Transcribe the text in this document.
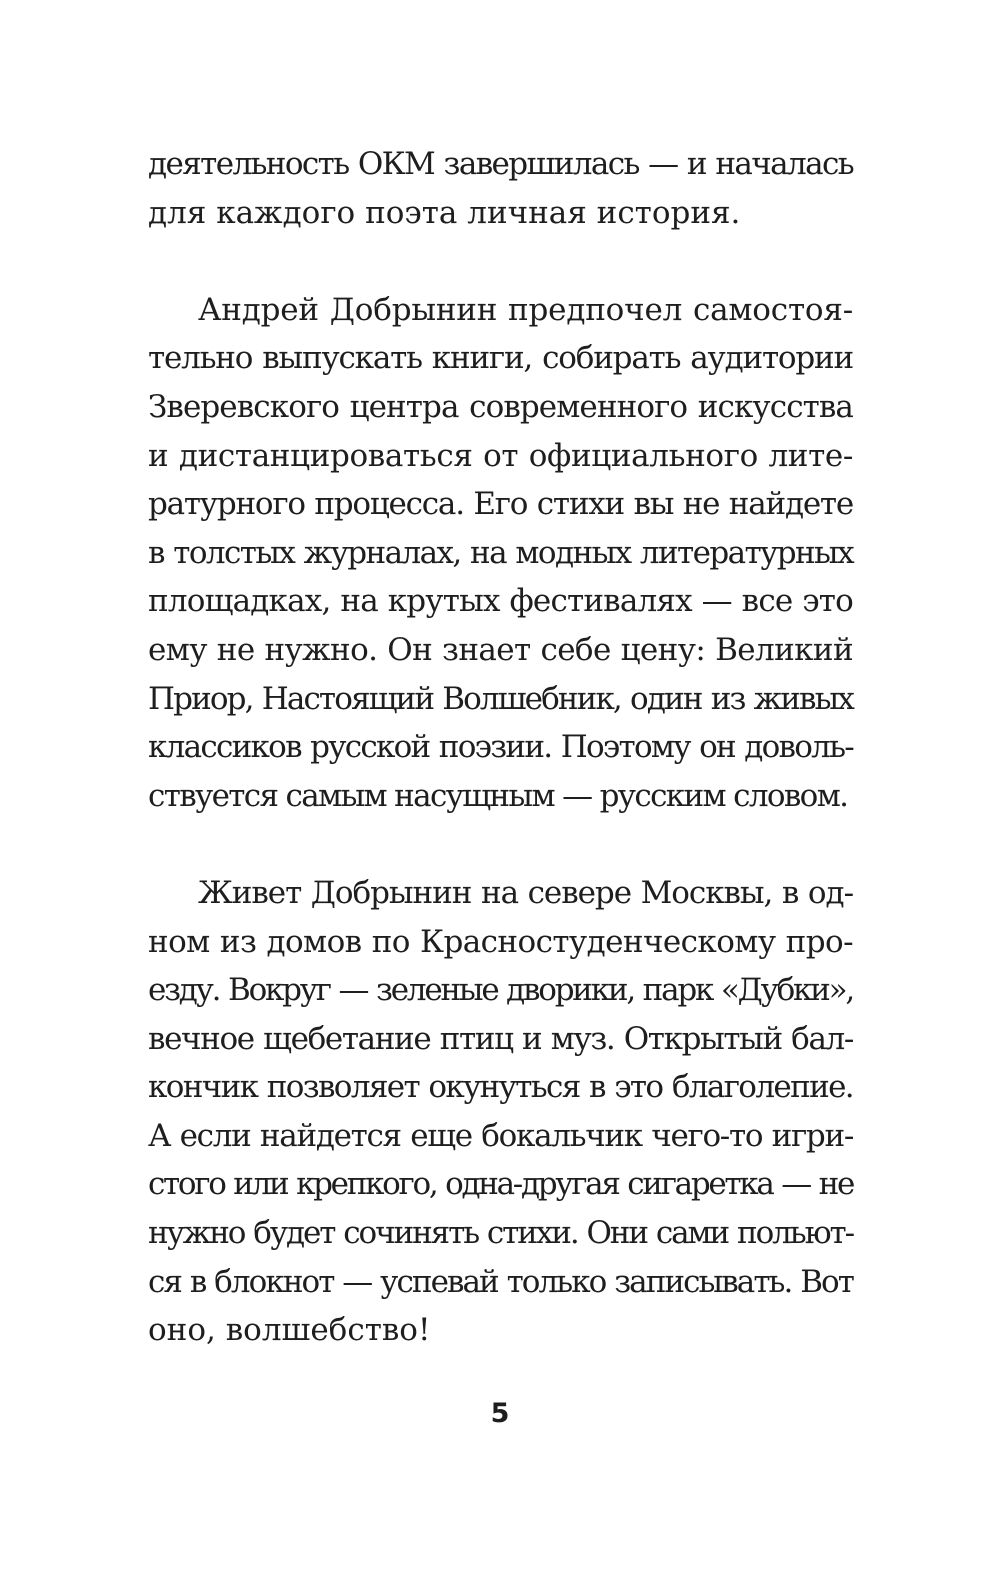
деятельность ОКМ завершилась — и началась
для каждого поэта личная история.
Андрей Добрынин предпочел самостоя-
тельно выпускать книги, собирать аудитории
Зверевского центра современного искусства
и дистанцироваться от официального лите-
ратурного процесса. Его стихи вы не найдете
в толстых журналах, на модных литературных
площадках, на крутых фестивалях — все это
ему не нужно. Он знает себе цену: Великий
Приор, Настоящий Волшебник, один из живых
классиков русской поэзии. Поэтому он доволь-
ствуется самым насущным — русским словом.
Живет Добрынин на севере Москвы, в од-
ном из домов по Красностуденческому про-
езду. Вокруг — зеленые дворики, парк «Дубки»,
вечное щебетание птиц и муз. Открытый бал-
кончик позволяет окунуться в это благолепие.
А если найдется еще бокальчик чего-то игри-
стого или крепкого, одна-другая сигаретка — не
нужно будет сочинять стихи. Они сами польют-
ся в блокнот — успевай только записывать. Вот
оно, волшебство!
5
